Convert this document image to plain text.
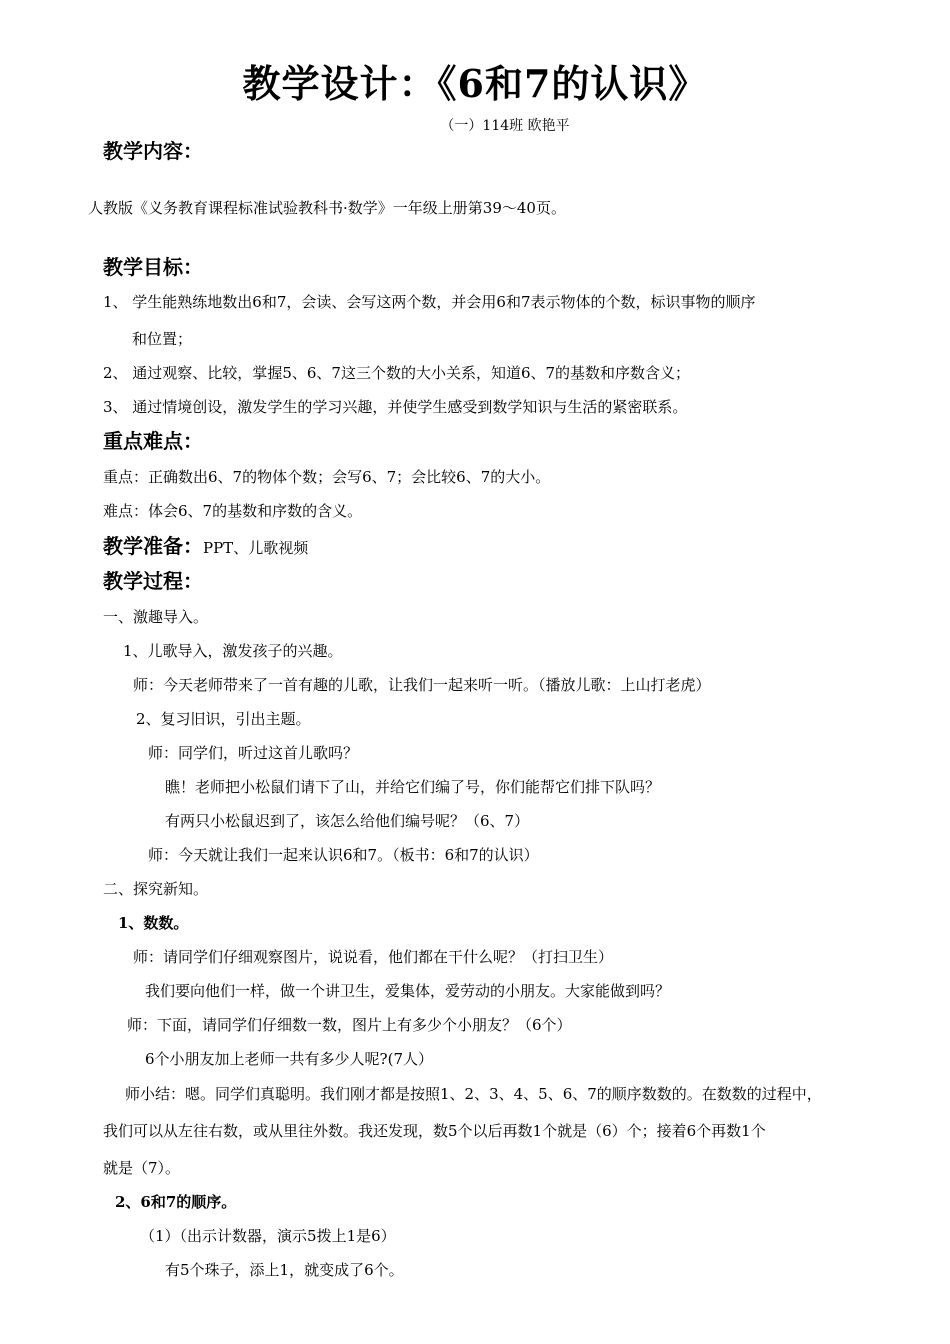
教学设计：《6和7的认识》
（一）114班 欧艳平
教学内容：
人教版《义务教育课程标准试验教科书·数学》一年级上册第39～40页。
教学目标：
1、 学生能熟练地数出6和7，会读、会写这两个数，并会用6和7表示物体的个数，标识事物的顺序
和位置；
2、 通过观察、比较，掌握5、6、7这三个数的大小关系，知道6、7的基数和序数含义；
3、 通过情境创设，激发学生的学习兴趣，并使学生感受到数学知识与生活的紧密联系。
重点难点：
重点：正确数出6、7的物体个数；会写6、7；会比较6、7的大小。
难点：体会6、7的基数和序数的含义。
教学准备：PPT、儿歌视频
教学过程：
一、激趣导入。
1、儿歌导入，激发孩子的兴趣。
师：今天老师带来了一首有趣的儿歌，让我们一起来听一听。（播放儿歌：上山打老虎）
2、复习旧识，引出主题。
师：同学们，听过这首儿歌吗？
瞧！老师把小松鼠们请下了山，并给它们编了号，你们能帮它们排下队吗？
有两只小松鼠迟到了，该怎么给他们编号呢？（6、7）
师：今天就让我们一起来认识6和7。（板书：6和7的认识）
二、探究新知。
1、数数。
师：请同学们仔细观察图片，说说看，他们都在干什么呢？（打扫卫生）
我们要向他们一样，做一个讲卫生，爱集体，爱劳动的小朋友。大家能做到吗？
师：下面，请同学们仔细数一数，图片上有多少个小朋友？（6个）
6个小朋友加上老师一共有多少人呢?(7人）
师小结：嗯。同学们真聪明。我们刚才都是按照1、2、3、4、5、6、7的顺序数数的。在数数的过程中，
我们可以从左往右数，或从里往外数。我还发现，数5个以后再数1个就是（6）个；接着6个再数1个
就是（7）。
2、6和7的顺序。
（1）（出示计数器，演示5拨上1是6）
有5个珠子，添上1，就变成了6个。
